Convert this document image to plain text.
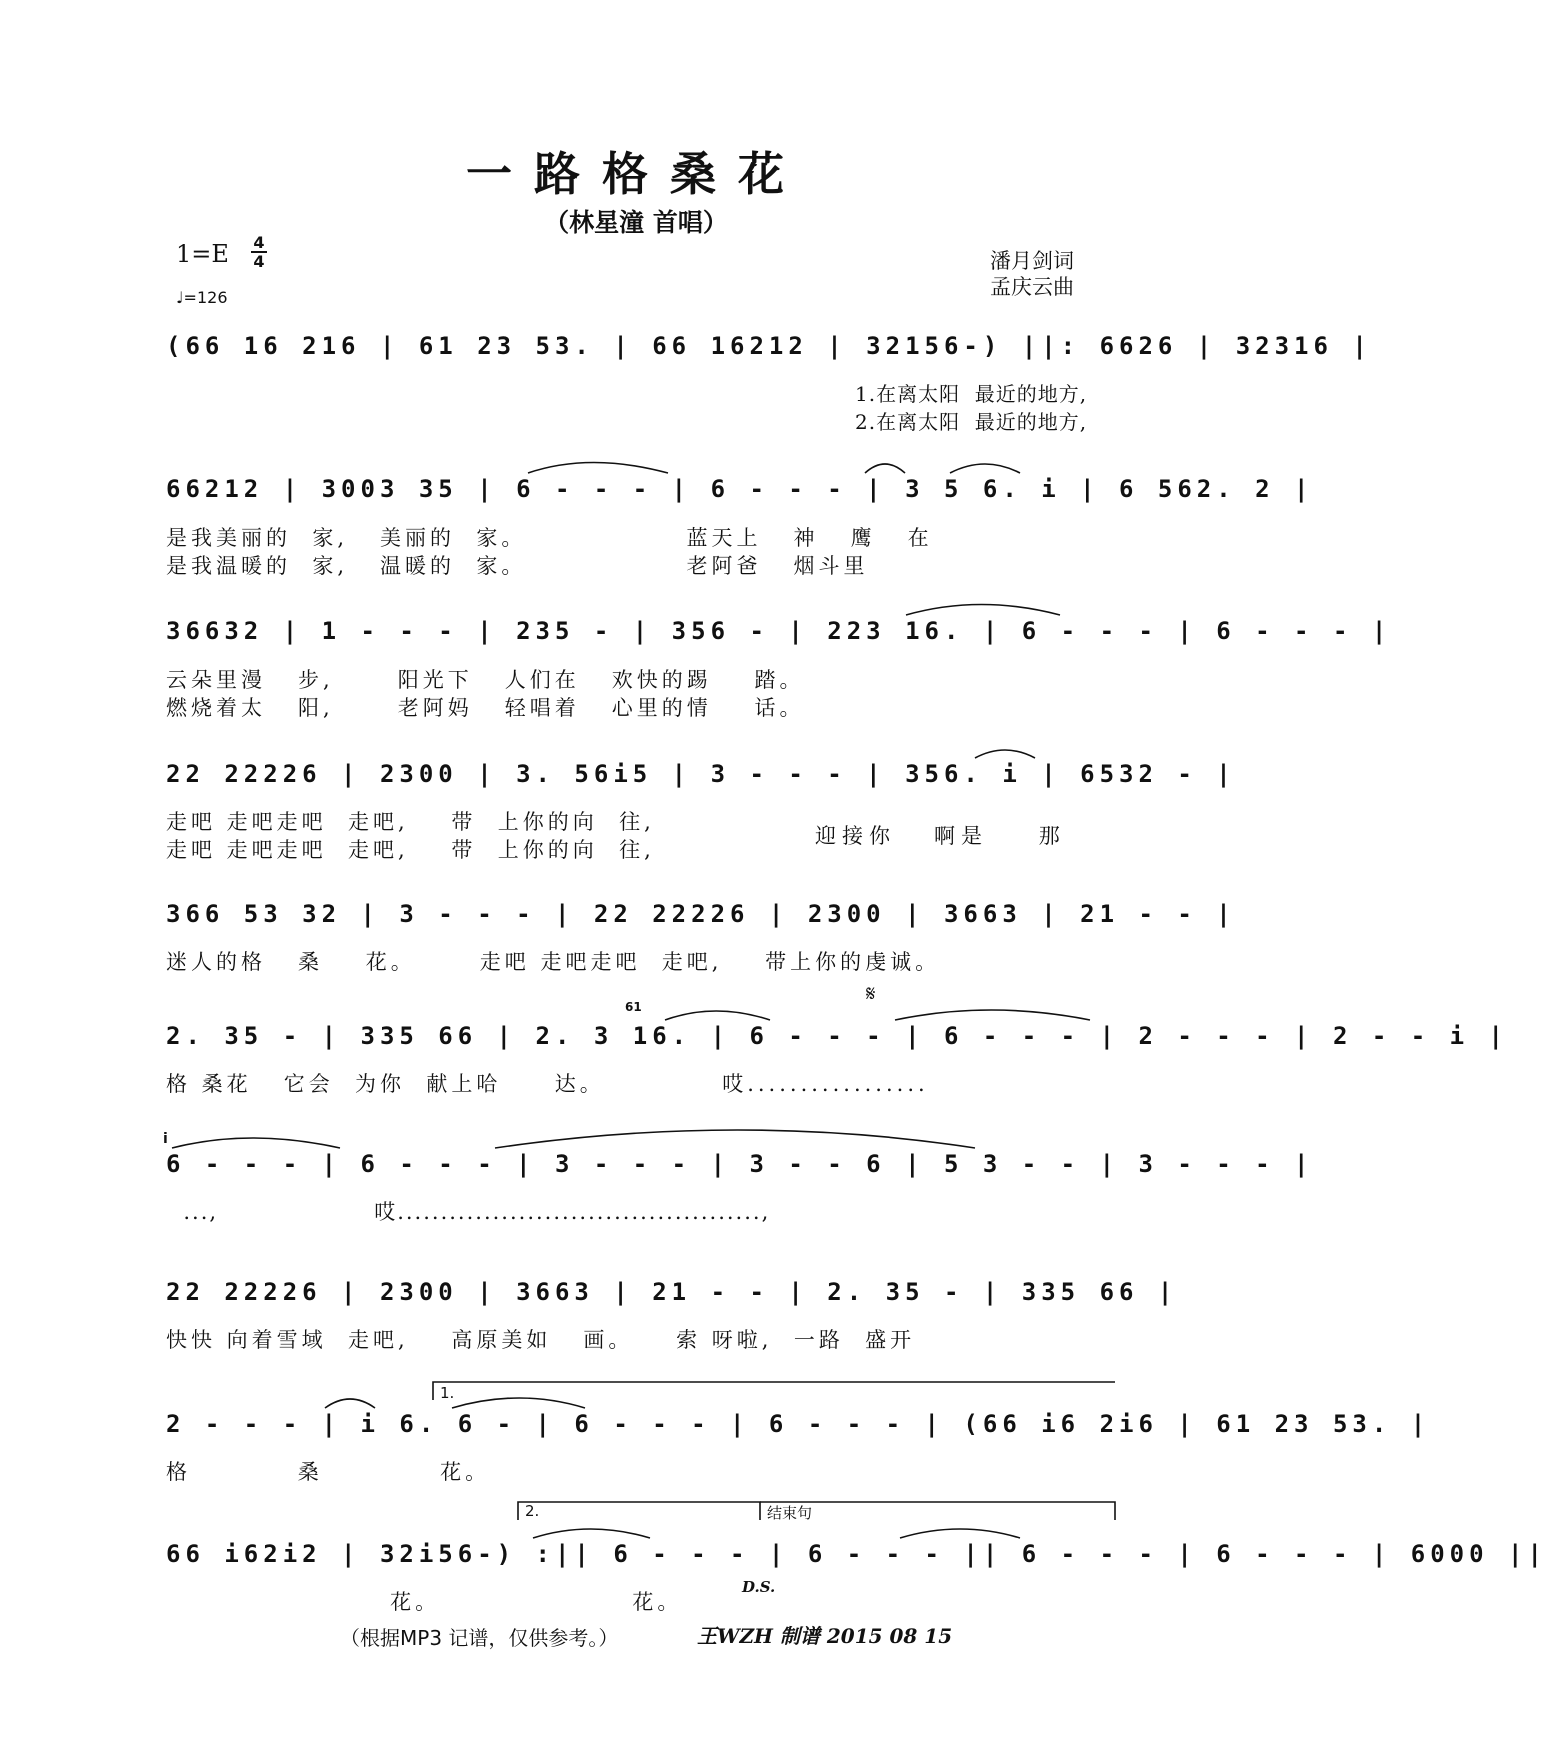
一路格桑花
（林星潼 首唱）
1=E	4
4
♩=126
潘月剑词
孟庆云曲
(66 16 216 | 61 23 53. | 66 16212 | 32156-) ||: 6626 | 32316 |
1.在离太阳  最近的地方,
2.在离太阳  最近的地方,
66212 | 3003 35 | 6 - - - | 6 - - - | 3 5 6. i | 6 562. 2 |
是我美丽的  家,   美丽的  家。               蓝天上   神   鹰   在
是我温暖的  家,   温暖的  家。               老阿爸   烟斗里
36632 | 1 - - - | 235 - | 356 - | 223 16. | 6 - - - | 6 - - - |
云朵里漫   步,      阳光下   人们在   欢快的踢    踏。
燃烧着太   阳,      老阿妈   轻唱着   心里的情    话。
22 22226 | 2300 | 3. 56i5 | 3 - - - | 356. i | 6532 - |
走吧 走吧走吧  走吧,    带  上你的向  往,
走吧 走吧走吧  走吧,    带  上你的向  往,
迎接你   啊是    那
366 53 32 | 3 - - - | 22 22226 | 2300 | 3663 | 21 - - |
迷人的格   桑    花。      走吧 走吧走吧  走吧,    带上你的虔诚。
2. 35 - | 335 66 | 2. 3 16. | 6 - - - | 6 - - - | 2 - - - | 2 - - i |
格 桑花   它会  为你  献上哈     达。           哎.................
6 - - - | 6 - - - | 3 - - - | 3 - - 6 | 5 3 - - | 3 - - - |
...,                  哎..........................................,
22 22226 | 2300 | 3663 | 21 - - | 2. 35 - | 335 66 |
快快 向着雪域  走吧,    高原美如   画。    索 呀啦,  一路  盛开
2 - - - | i 6. 6 - | 6 - - - | 6 - - - | (66 i6 2i6 | 61 23 53. |
格          桑           花。
66 i62i2 | 32i56-) :|| 6 - - - | 6 - - - || 6 - - - | 6 - - - | 6000 ||
花。                  花。
1.
2.	结束句
D.S.
𝄋
61
i
（根据MP3 记谱，仅供参考。）	王WZH 制谱 2015 08 15
